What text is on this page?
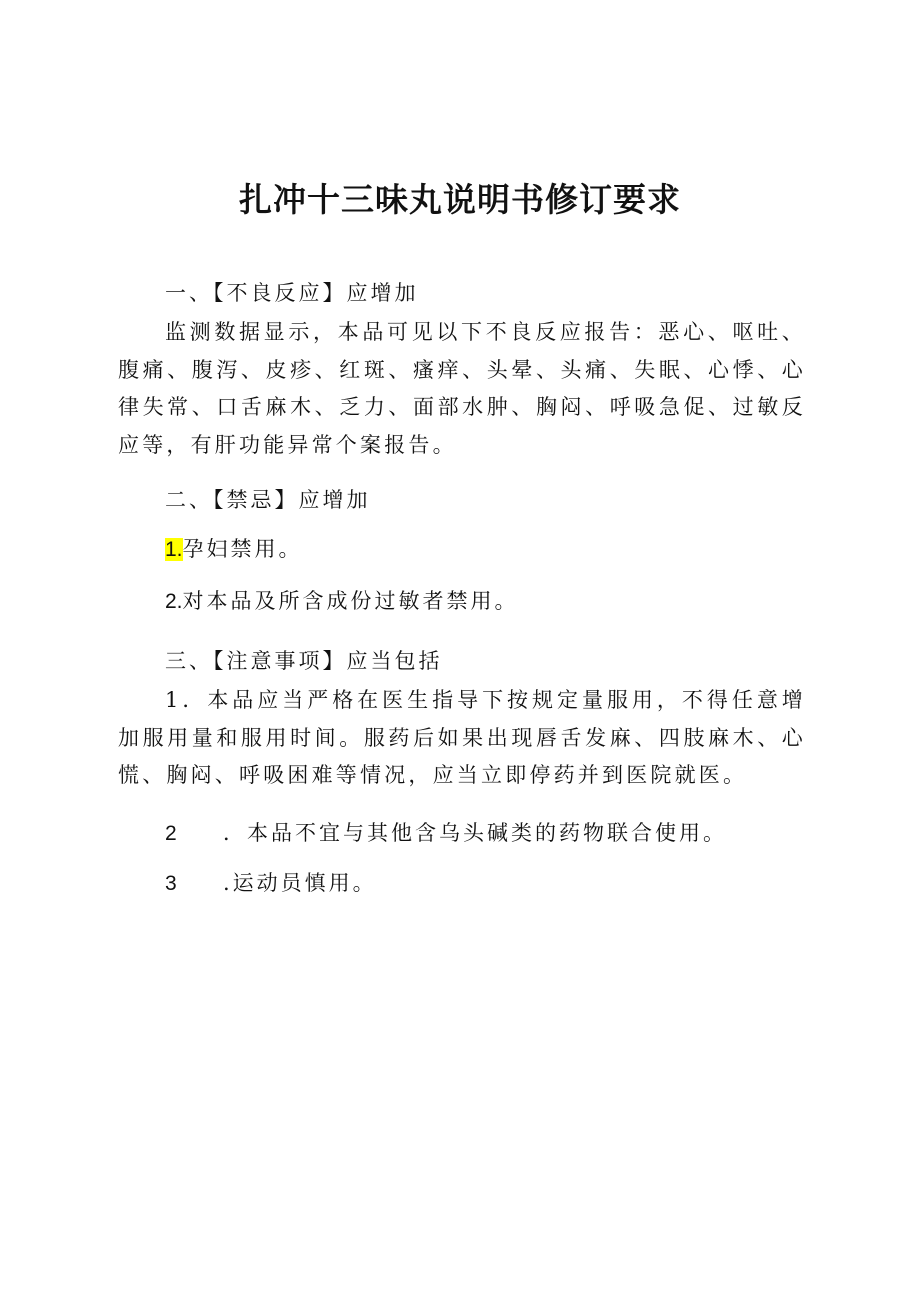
扎冲十三味丸说明书修订要求
一、【不良反应】应增加
监测数据显示，本品可见以下不良反应报告：恶心、呕吐、腹痛、腹泻、皮疹、红斑、瘙痒、头晕、头痛、失眠、心悸、心律失常、口舌麻木、乏力、面部水肿、胸闷、呼吸急促、过敏反应等，有肝功能异常个案报告。
二、【禁忌】应增加
1.孕妇禁用。
2.对本品及所含成份过敏者禁用。
三、【注意事项】应当包括
1．本品应当严格在医生指导下按规定量服用，不得任意增加服用量和服用时间。服药后如果出现唇舌发麻、四肢麻木、心慌、胸闷、呼吸困难等情况，应当立即停药并到医院就医。
2 ．本品不宜与其他含乌头碱类的药物联合使用。
3 .运动员慎用。
